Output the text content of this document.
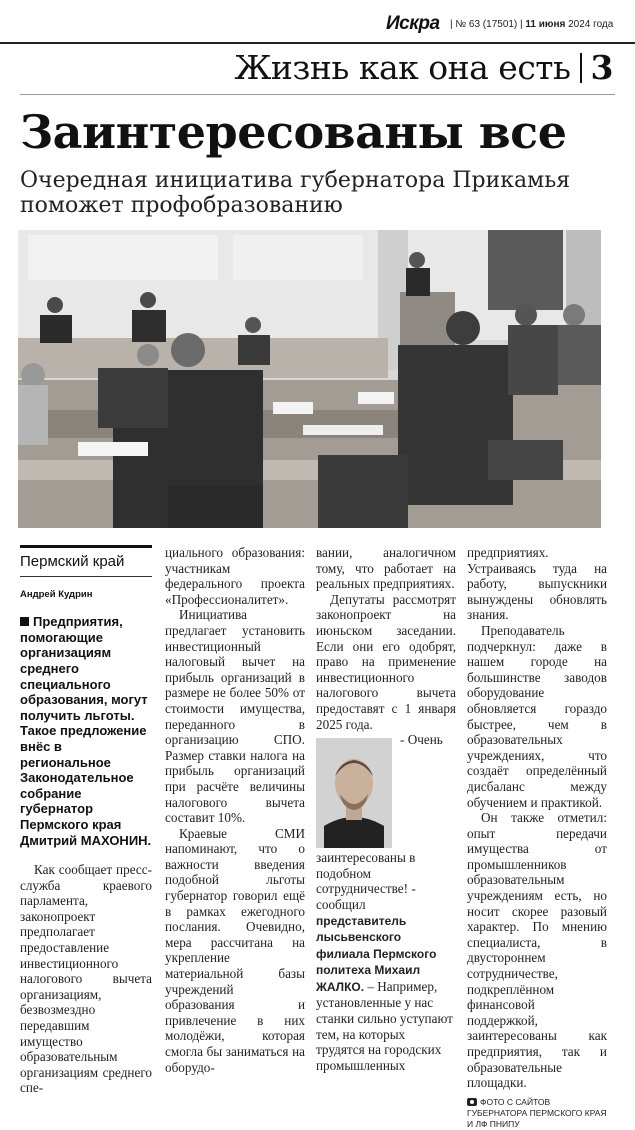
Искра | № 63 (17501) | 11 июня 2024 года
Жизнь как она есть 3
Заинтересованы все
Очередная инициатива губернатора Прикамья поможет профобразованию
Пермский край
Андрей Кудрин
Предприятия, помогающие организациям среднего специального образования, могут получить льготы. Такое предложение внёс в региональное Законодательное собрание губернатор Пермского края Дмитрий МАХОНИН.

Как сообщает пресс-служба краевого парламента, законопроект предполагает предоставление инвестиционного налогового вычета организациям, безвозмездно передавшим имущество образовательным организациям среднего спе-

циального образования: участникам федерального проекта «Профессионалитет».

Инициатива предлагает установить инвестиционный налоговый вычет на прибыль организаций в размере не более 50% от стоимости имущества, переданного в организацию СПО. Размер ставки налога на прибыль организаций при расчёте величины налогового вычета составит 10%.

Краевые СМИ напоминают, что о важности введения подобной льготы губернатор говорил ещё в рамках ежегодного послания. Очевидно, мера рассчитана на укрепление материальной базы учреждений образования и привлечение в них молодёжи, которая смогла бы заниматься на оборудо-

вании, аналогичном тому, что работает на реальных предприятиях.

Депутаты рассмотрят законопроект на июньском заседании. Если они его одобрят, право на применение инвестиционного налогового вычета предоставят с 1 января 2025 года.

- Очень заинтересованы в подобном сотрудничестве! - сообщил

представитель лысьвенского филиала Пермского политеха Михаил ЖАЛКО. – Например, установленные у нас станки сильно уступают тем, на которых трудятся на городских промышленных

предприятиях. Устраиваясь туда на работу, выпускники вынуждены обновлять знания.

Преподаватель подчеркнул: даже в нашем городе на большинстве заводов оборудование обновляется гораздо быстрее, чем в образовательных учреждениях, что создаёт определённый дисбаланс между обучением и практикой.

Он также отметил: опыт передачи имущества от промышленников образовательным учреждениям есть, но носит скорее разовый характер. По мнению специалиста, в двустороннем сотрудничестве, подкреплённом финансовой поддержкой, заинтересованы как предприятия, так и образовательные площадки.

ФОТО С САЙТОВ ГУБЕРНАТОРА ПЕРМСКОГО КРАЯ И ЛФ ПНИПУ
